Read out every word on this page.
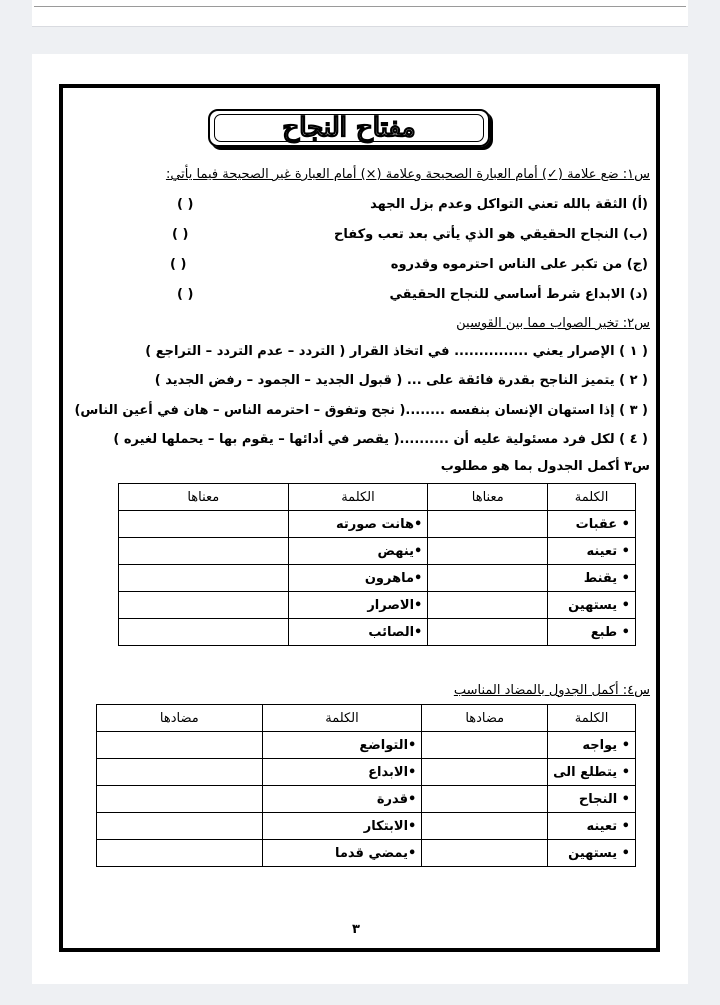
مفتاح النجاح
س١: ضع علامة (✓) أمام العبارة الصحيحة وعلامة (×) أمام العبارة غير الصحيحة فيما يأتي:
(أ) الثقة بالله تعني التواكل وعدم بزل الجهد
( )
(ب) النجاح الحقيقي هو الذي يأتي بعد تعب وكفاح
( )
(ج) من تكبر على الناس احترموه وقدروه
( )
(د) الابداع شرط أساسي للنجاح الحقيقي
( )
س٢: تخير الصواب مما بين القوسين
( ١ ) الإصرار يعني ............... في اتخاذ القرار ( التردد – عدم التردد – التراجع )
( ٢ ) يتميز الناجح بقدرة فائقة على ... ( قبول الجديد – الجمود – رفض الجديد )
( ٣ ) إذا استهان الإنسان بنفسه ........( نجح وتفوق – احترمه الناس – هان في أعين الناس)
( ٤ ) لكل فرد مسئولية عليه أن ..........( يقصر في أدائها – يقوم بها – يحملها لغيره )
س٣ أكمل الجدول بما هو مطلوب
الكلمة	معناها	الكلمة	معناها
• عقبات		•هانت صورته	
• تعينه		•ينهض	
• يقنط		•ماهرون	
• يستهين		•الاصرار	
• طبع		•الصائب	
س٤: أكمل الجدول بالمضاد المناسب
الكلمة	مضادها	الكلمة	مضادها
• يواجه		•التواضع	
• يتطلع الى		•الابداع	
• النجاح		•قدرة	
• تعينه		•الابتكار	
• يستهين		•يمضي قدما	
٣
